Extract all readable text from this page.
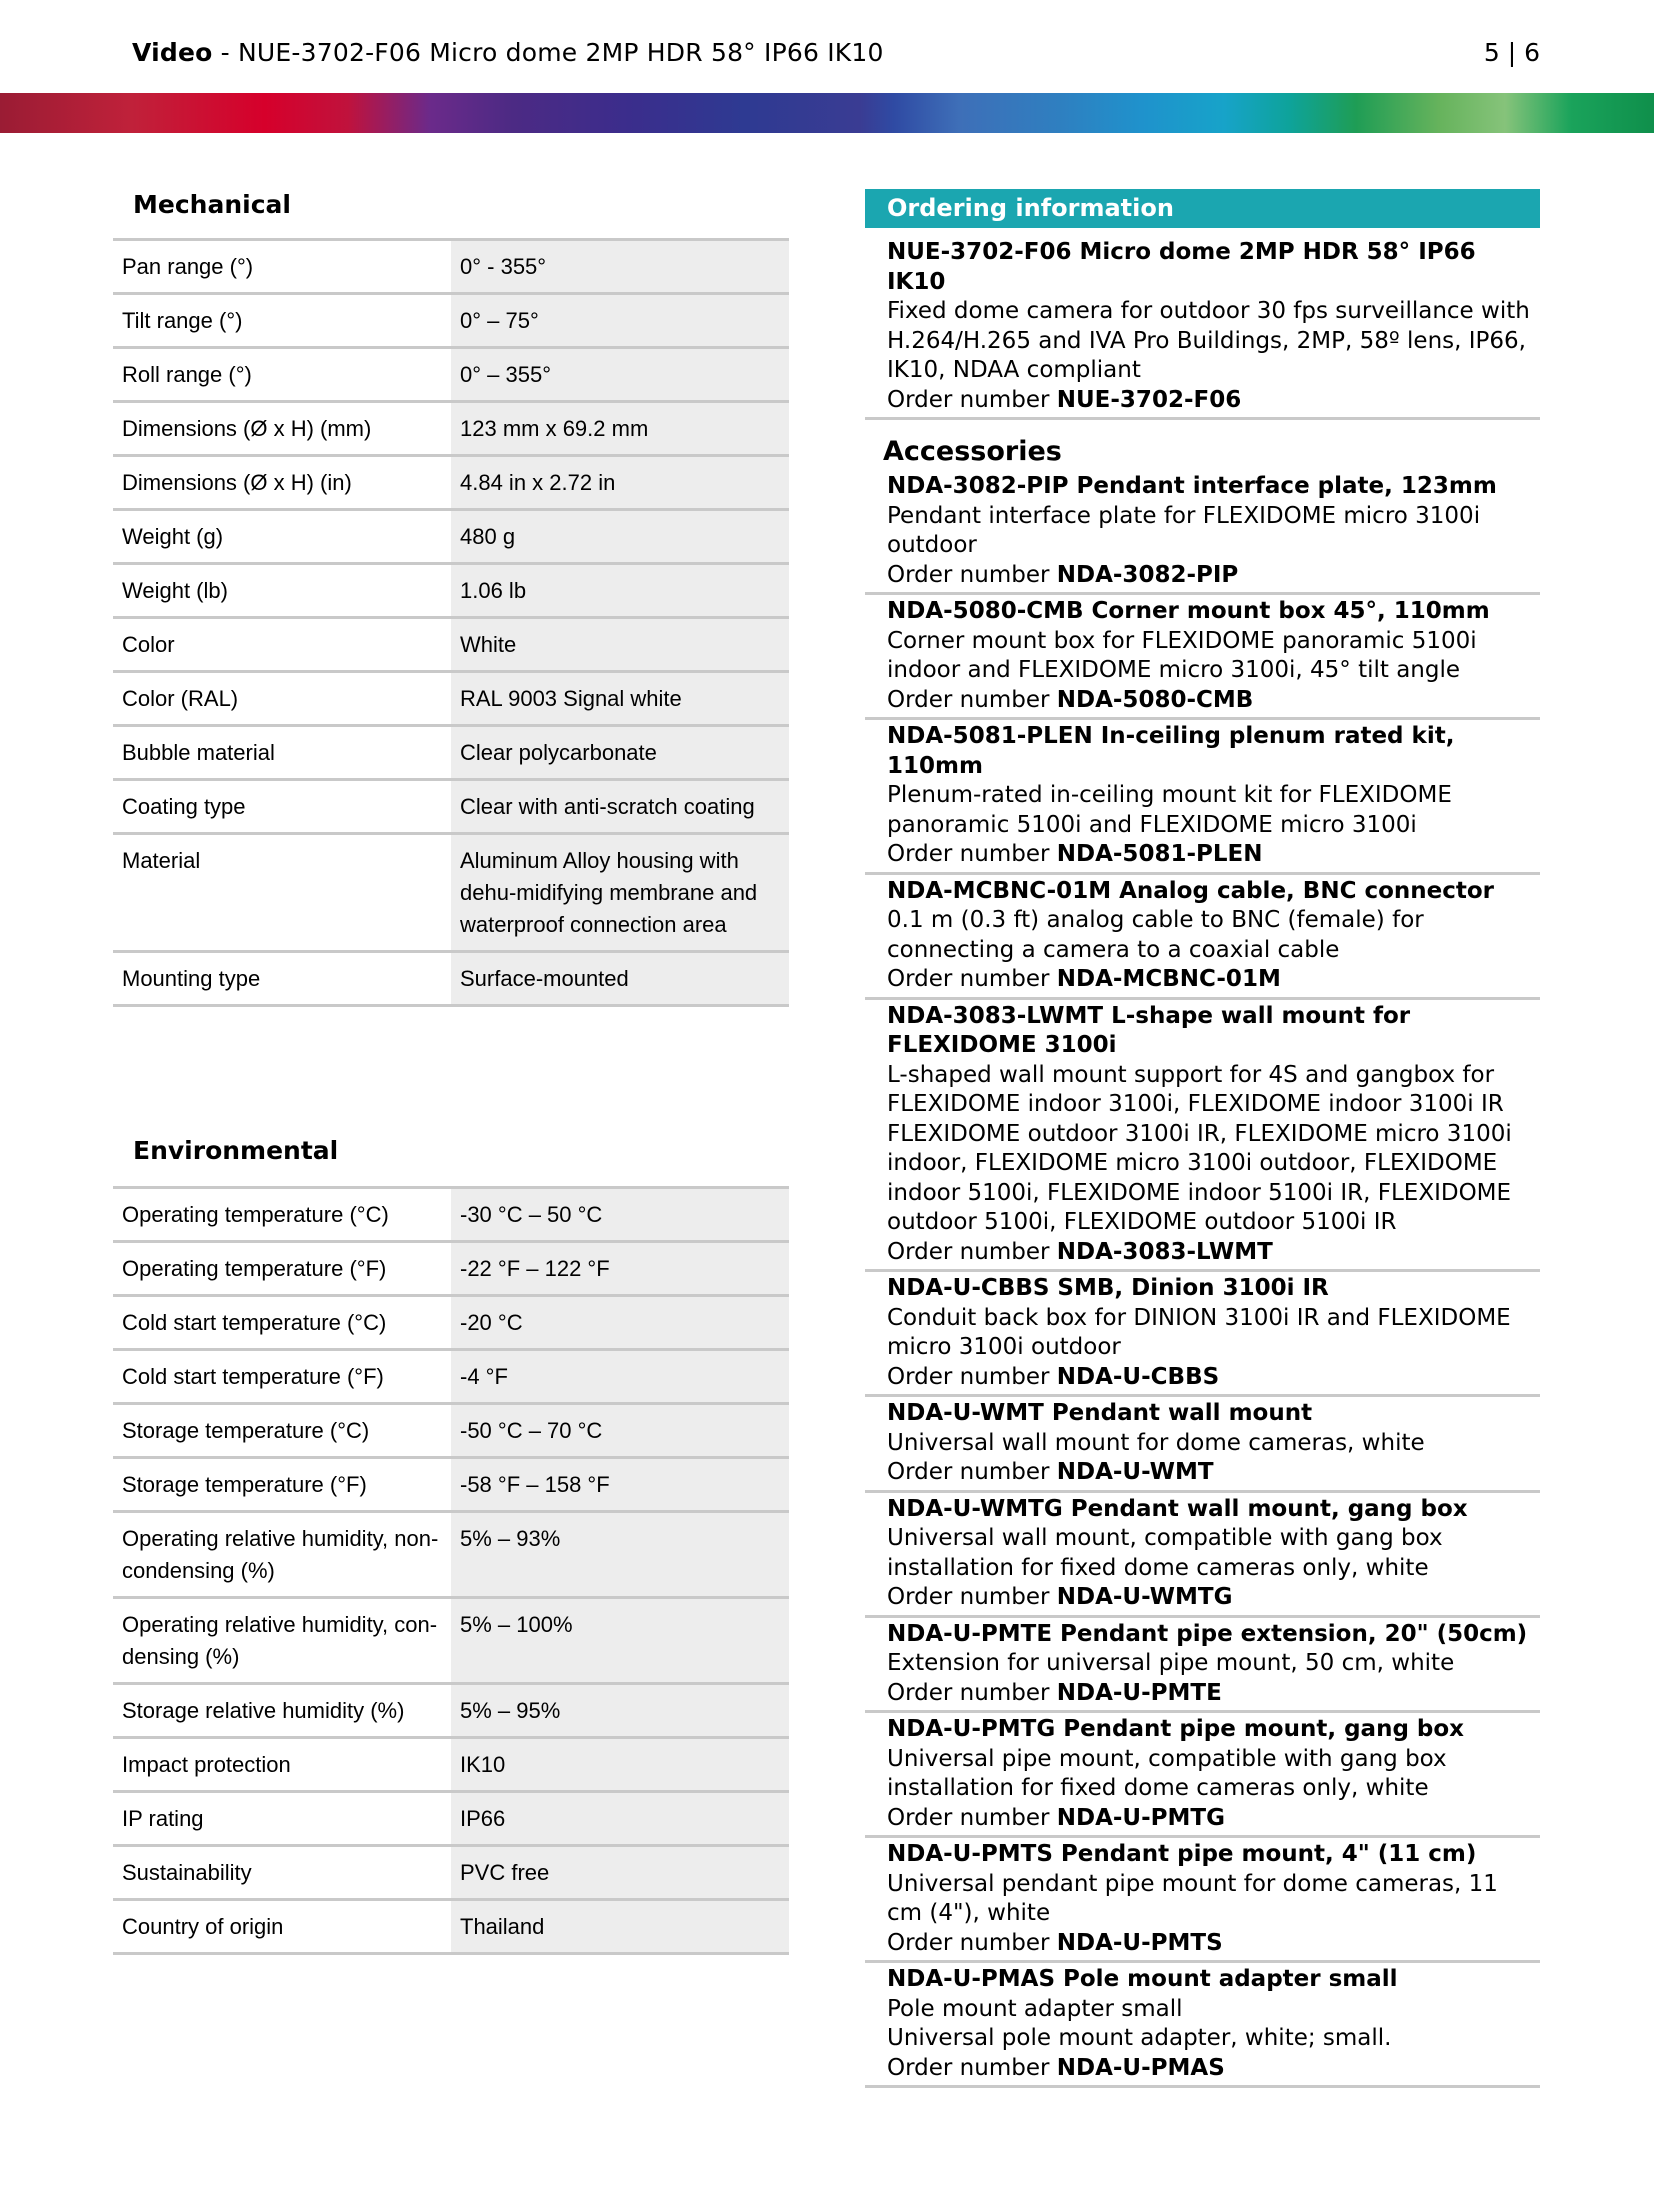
Video - NUE-3702-F06 Micro dome 2MP HDR 58° IP66 IK10	5 | 6
Mechanical
Pan range (°)	0° - 355°
Tilt range (°)	0° – 75°
Roll range (°)	0° – 355°
Dimensions (Ø x H) (mm)	123 mm x 69.2 mm
Dimensions (Ø x H) (in)	4.84 in x 2.72 in
Weight (g)	480 g
Weight (lb)	1.06 lb
Color	White
Color (RAL)	RAL 9003 Signal white
Bubble material	Clear polycarbonate
Coating type	Clear with anti-scratch coating
Material	Aluminum Alloy housing with dehu-midifying membrane and waterproof connection area
Mounting type	Surface-mounted
Environmental
Operating temperature (°C)	-30 °C – 50 °C
Operating temperature (°F)	-22 °F – 122 °F
Cold start temperature (°C)	-20 °C
Cold start temperature (°F)	-4 °F
Storage temperature (°C)	-50 °C – 70 °C
Storage temperature (°F)	-58 °F – 158 °F
Operating relative humidity, non-condensing (%)	5% – 93%
Operating relative humidity, con-densing (%)	5% – 100%
Storage relative humidity (%)	5% – 95%
Impact protection	IK10
IP rating	IP66
Sustainability	PVC free
Country of origin	Thailand
Ordering information
NUE-3702-F06 Micro dome 2MP HDR 58° IP66 IK10
Fixed dome camera for outdoor 30 fps surveillance with H.264/H.265 and IVA Pro Buildings, 2MP, 58º lens, IP66, IK10, NDAA compliant
Order number NUE-3702-F06
Accessories
NDA-3082-PIP Pendant interface plate, 123mm
Pendant interface plate for FLEXIDOME micro 3100i outdoor
Order number NDA-3082-PIP
NDA-5080-CMB Corner mount box 45°, 110mm
Corner mount box for FLEXIDOME panoramic 5100i indoor and FLEXIDOME micro 3100i, 45° tilt angle
Order number NDA-5080-CMB
NDA-5081-PLEN In-ceiling plenum rated kit, 110mm
Plenum-rated in-ceiling mount kit for FLEXIDOME panoramic 5100i and FLEXIDOME micro 3100i
Order number NDA-5081-PLEN
NDA-MCBNC-01M Analog cable, BNC connector
0.1 m (0.3 ft) analog cable to BNC (female) for connecting a camera to a coaxial cable
Order number NDA-MCBNC-01M
NDA-3083-LWMT L-shape wall mount for FLEXIDOME 3100i
L-shaped wall mount support for 4S and gangbox for FLEXIDOME indoor 3100i, FLEXIDOME indoor 3100i IR FLEXIDOME outdoor 3100i IR, FLEXIDOME micro 3100i indoor, FLEXIDOME micro 3100i outdoor, FLEXIDOME indoor 5100i, FLEXIDOME indoor 5100i IR, FLEXIDOME outdoor 5100i, FLEXIDOME outdoor 5100i IR
Order number NDA-3083-LWMT
NDA-U-CBBS SMB, Dinion 3100i IR
Conduit back box for DINION 3100i IR and FLEXIDOME micro 3100i outdoor
Order number NDA-U-CBBS
NDA-U-WMT Pendant wall mount
Universal wall mount for dome cameras, white
Order number NDA-U-WMT
NDA-U-WMTG Pendant wall mount, gang box
Universal wall mount, compatible with gang box installation for fixed dome cameras only, white
Order number NDA-U-WMTG
NDA-U-PMTE Pendant pipe extension, 20" (50cm)
Extension for universal pipe mount, 50 cm, white
Order number NDA-U-PMTE
NDA-U-PMTG Pendant pipe mount, gang box
Universal pipe mount, compatible with gang box installation for fixed dome cameras only, white
Order number NDA-U-PMTG
NDA-U-PMTS Pendant pipe mount, 4" (11 cm)
Universal pendant pipe mount for dome cameras, 11 cm (4"), white
Order number NDA-U-PMTS
NDA-U-PMAS Pole mount adapter small
Pole mount adapter small
Universal pole mount adapter, white; small.
Order number NDA-U-PMAS
